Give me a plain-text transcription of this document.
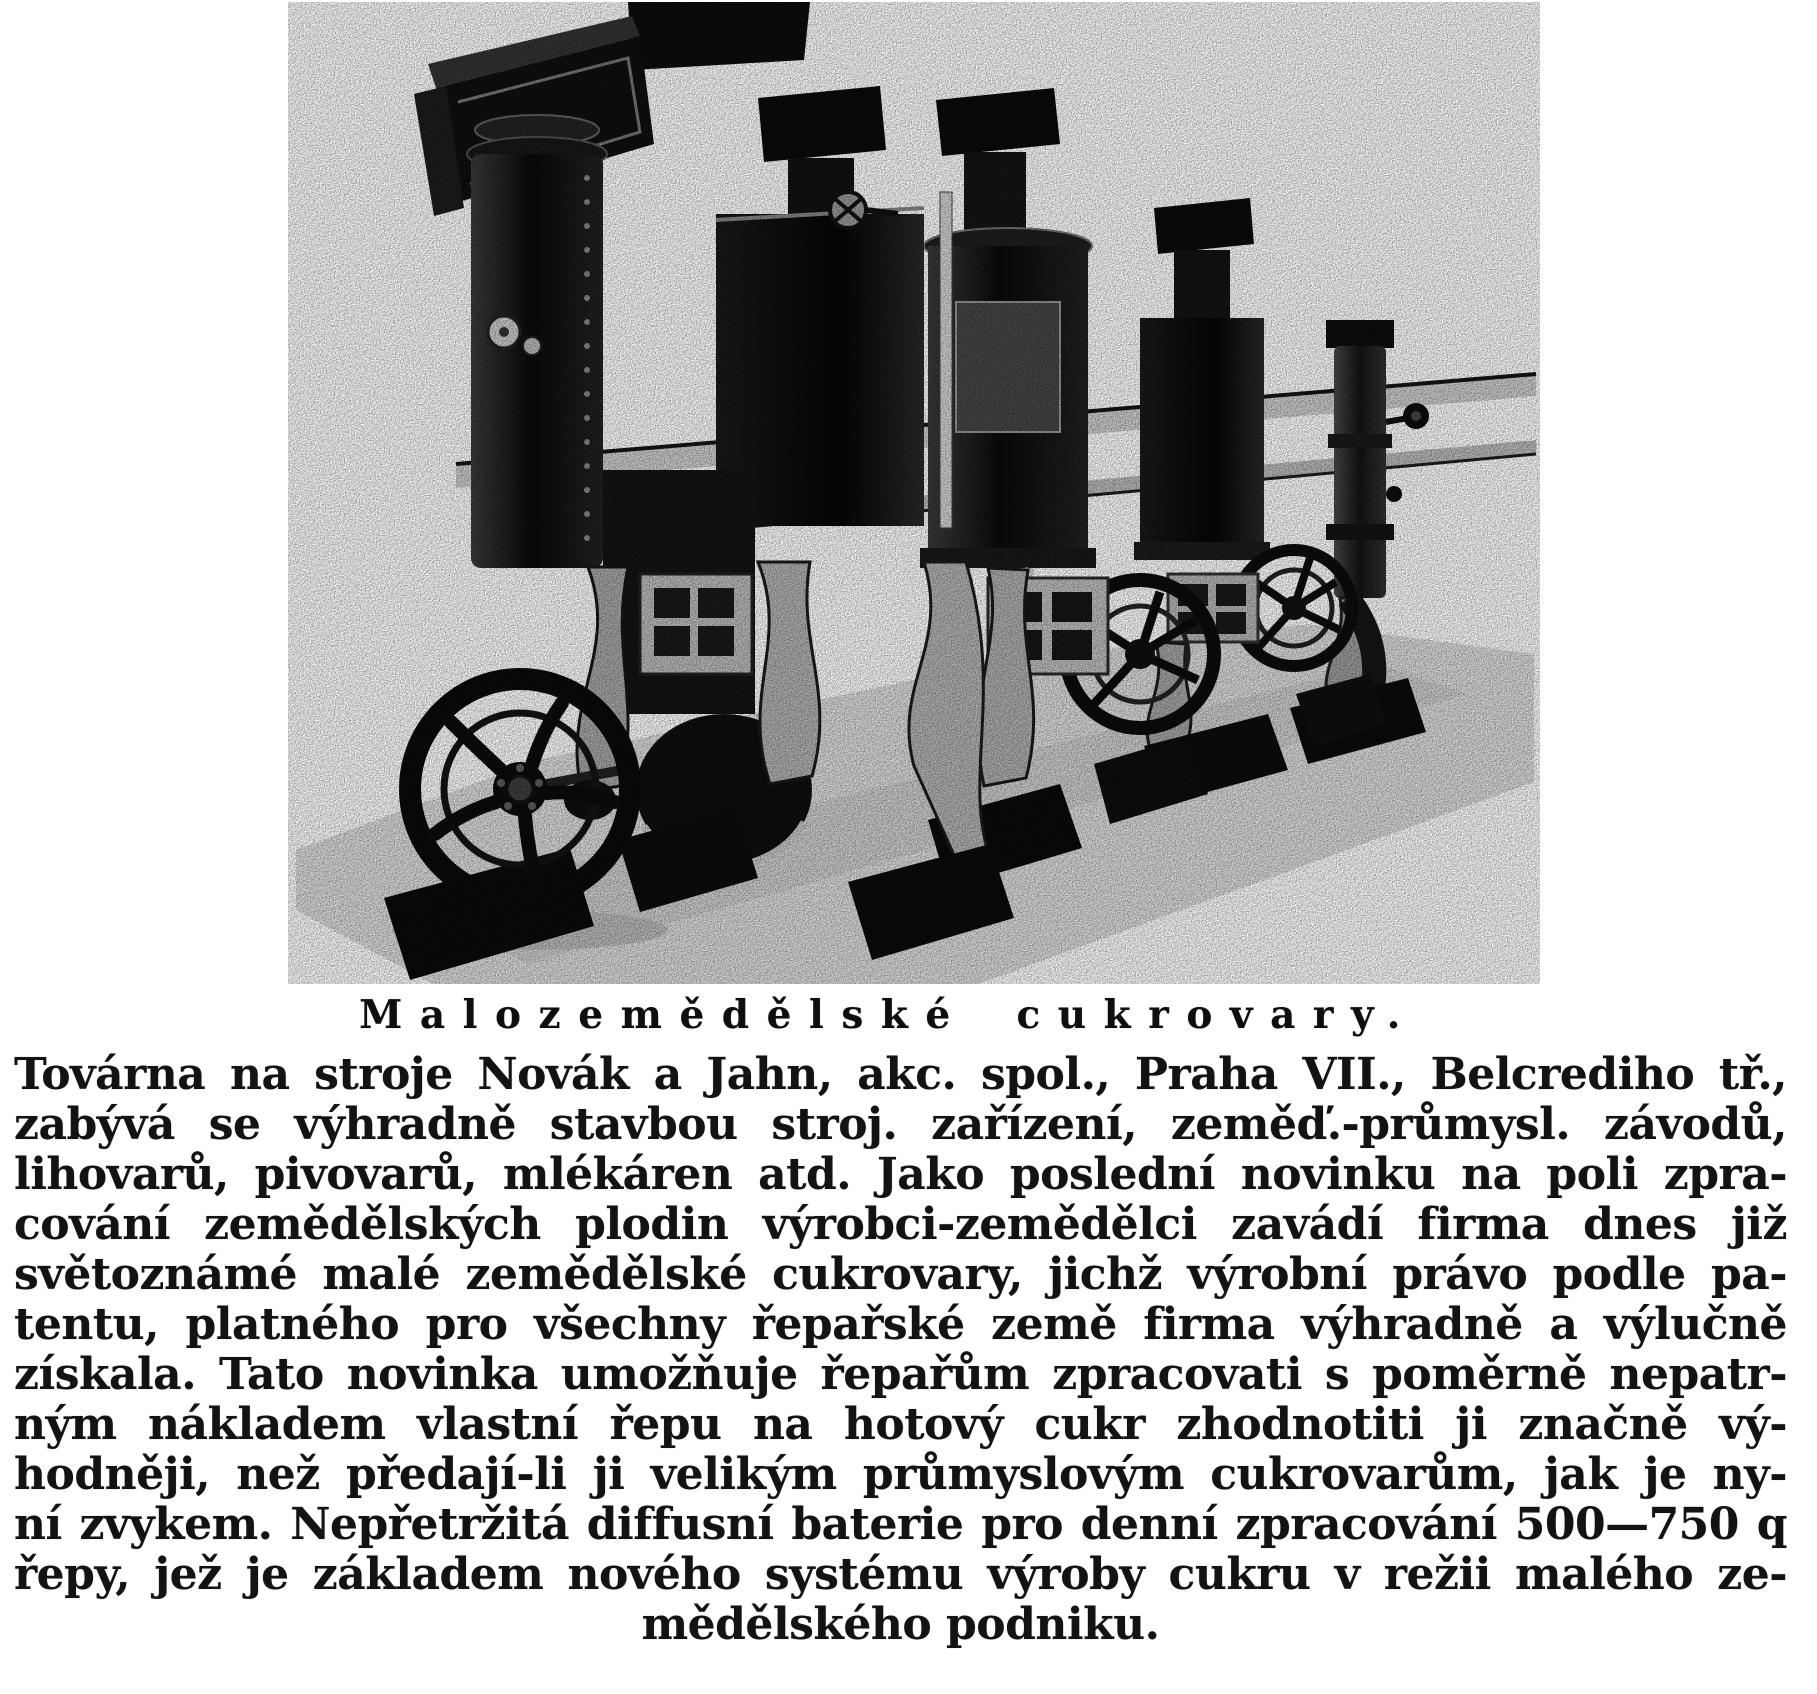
Malozemědělské cukrovary.
Továrna na stroje Novák a Jahn, akc. spol., Praha VII., Belcrediho tř.,
zabývá se výhradně stavbou stroj. zařízení, zeměď.-průmysl. závodů,
lihovarů, pivovarů, mlékáren atd. Jako poslední novinku na poli zpra-
cování zemědělských plodin výrobci-zemědělci zavádí firma dnes již
světoznámé malé zemědělské cukrovary, jichž výrobní právo podle pa-
tentu, platného pro všechny řepařské země firma výhradně a výlučně
získala. Tato novinka umožňuje řepařům zpracovati s poměrně nepatr-
ným nákladem vlastní řepu na hotový cukr zhodnotiti ji značně vý-
hodněji, než předají-li ji velikým průmyslovým cukrovarům, jak je ny-
ní zvykem. Nepřetržitá diffusní baterie pro denní zpracování 500—750 q
řepy, jež je základem nového systému výroby cukru v režii malého ze-
mědělského podniku.
